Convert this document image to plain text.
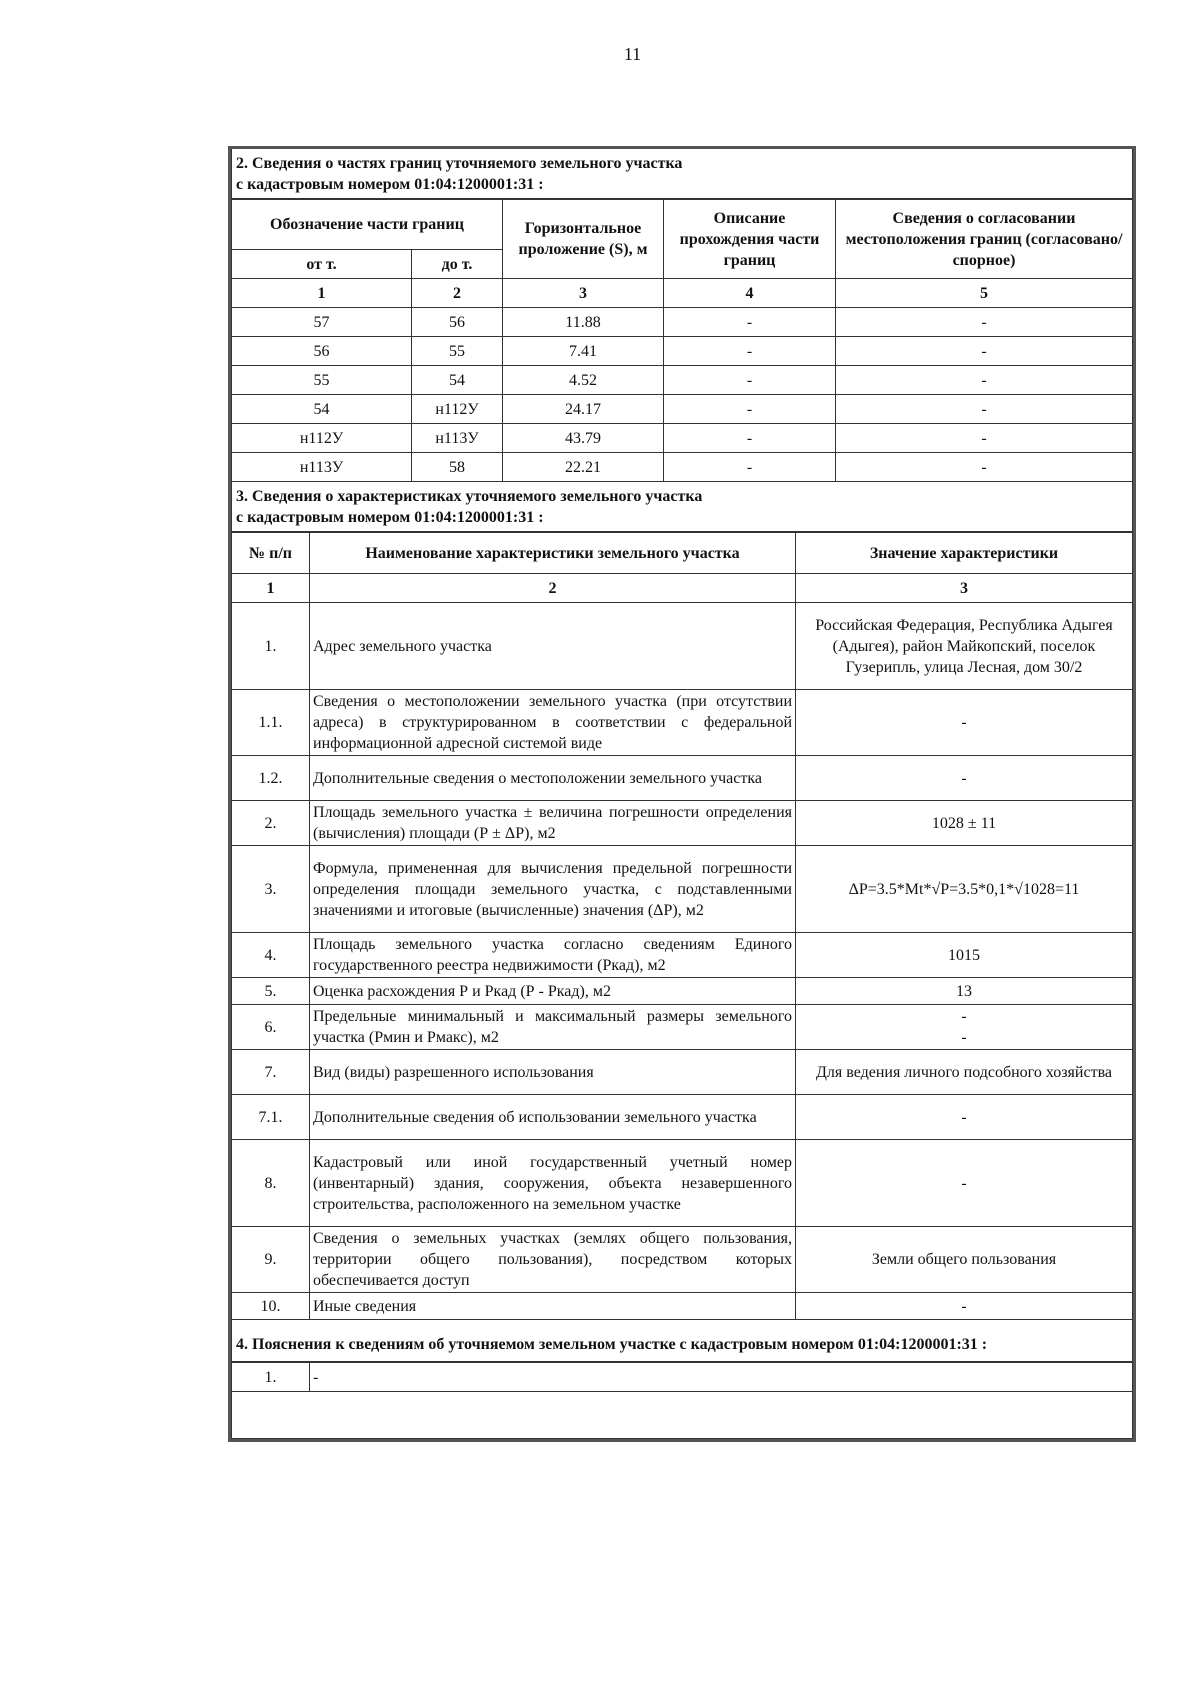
11
2. Сведения о частях границ уточняемого земельного участка
с кадастровым номером 01:04:1200001:31 :
Обозначение части границ		Горизонтальное проложение (S), м	Описание прохождения части границ	Сведения о согласовании местоположения границ (согласовано/спорное)
от т.	до т.			
1	2	3	4	5
57	56	11.88	-	-
56	55	7.41	-	-
55	54	4.52	-	-
54	н112У	24.17	-	-
н112У	н113У	43.79	-	-
н113У	58	22.21	-	-
3. Сведения о характеристиках уточняемого земельного участка
с кадастровым номером 01:04:1200001:31 :
№ п/п	Наименование характеристики земельного участка	Значение характеристики
1	2	3
1.	Адрес земельного участка	Российская Федерация, Республика Адыгея (Адыгея), район Майкопский, поселок Гузерипль, улица Лесная, дом 30/2
1.1.	Сведения о местоположении земельного участка (при отсутствии адреса) в структурированном в соответствии с федеральной информационной адресной системой виде	-
1.2.	Дополнительные сведения о местоположении земельного участка	-
2.	Площадь земельного участка ± величина погрешности определения (вычисления) площади (Р ± ΔР), м2	1028 ± 11
3.	Формула, примененная для вычисления предельной погрешности определения площади земельного участка, с подставленными значениями и итоговые (вычисленные) значения (ΔР), м2	ΔР=3.5*Mt*√Р=3.5*0,1*√1028=11
4.	Площадь земельного участка согласно сведениям Единого государственного реестра недвижимости (Ркад), м2	1015
5.	Оценка расхождения Р и Ркад (Р - Ркад), м2	13
6.	Предельные минимальный и максимальный размеры земельного участка (Рмин и Рмакс), м2	-
-

7.	Вид (виды) разрешенного использования	Для ведения личного подсобного хозяйства
7.1.	Дополнительные сведения об использовании земельного участка	-
8.	Кадастровый или иной государственный учетный номер (инвентарный) здания, сооружения, объекта незавершенного строительства, расположенного на земельном участке	-
9.	Сведения о земельных участках (землях общего пользования, территории общего пользования), посредством которых обеспечивается доступ	Земли общего пользования
10.	Иные сведения	-
4. Пояснения к сведениям об уточняемом земельном участке с кадастровым номером 01:04:1200001:31 :
1.	-
